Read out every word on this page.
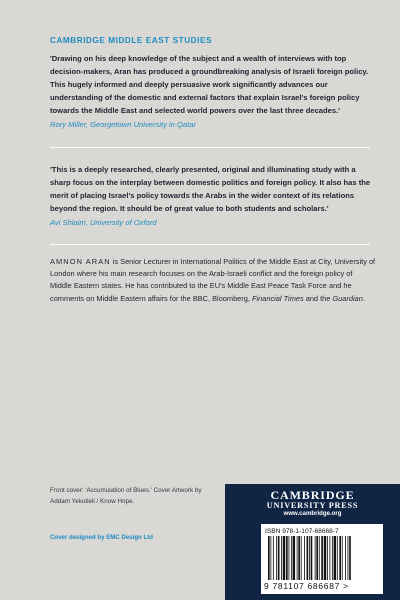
CAMBRIDGE MIDDLE EAST STUDIES
'Drawing on his deep knowledge of the subject and a wealth of interviews with top decision-makers, Aran has produced a groundbreaking analysis of Israeli foreign policy. This hugely informed and deeply persuasive work significantly advances our understanding of the domestic and external factors that explain Israel's foreign policy towards the Middle East and selected world powers over the last three decades.'
Rory Miller, Georgetown University in Qatar
'This is a deeply researched, clearly presented, original and illuminating study with a sharp focus on the interplay between domestic politics and foreign policy. It also has the merit of placing Israel's policy towards the Arabs in the wider context of its relations beyond the region. It should be of great value to both students and scholars.'
Avi Shlaim, University of Oxford
AMNON ARAN is Senior Lecturer in International Politics of the Middle East at City, University of London where his main research focuses on the Arab-Israeli conflict and the foreign policy of Middle Eastern states. He has contributed to the EU's Middle East Peace Task Force and he comments on Middle Eastern affairs for the BBC, Bloomberg, Financial Times and the Guardian.
Front cover: 'Accumulation of Blues.' Cover Artwork by Addam Yekutieli / Know Hope.
Cover designed by EMC Design Ltd
CAMBRIDGE
UNIVERSITY PRESS
www.cambridge.org
ISBN 978-1-107-68668-7
9 781107 686687 >
